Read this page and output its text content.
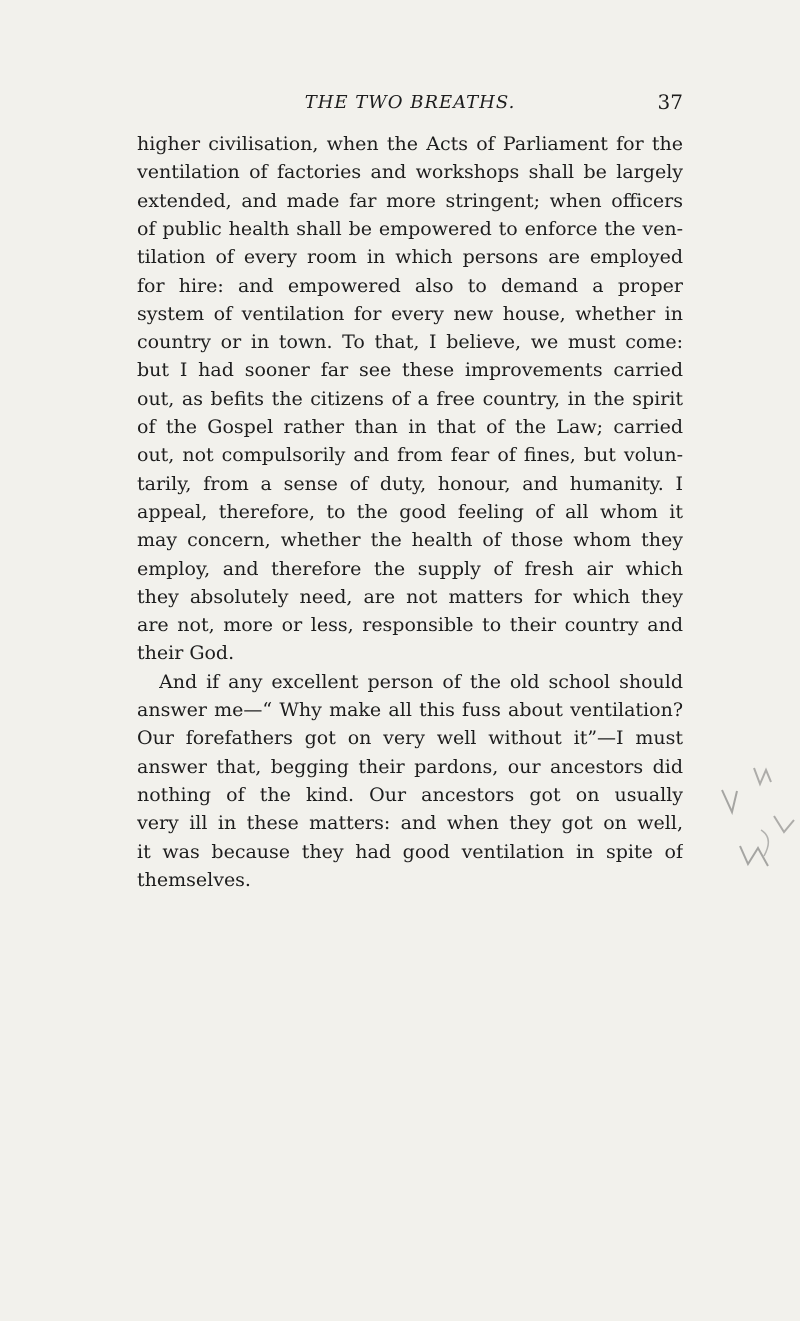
THE TWO BREATHS.	37
higher civilisation, when the Acts of Parliament for the
ventilation of factories and workshops shall be largely
extended, and made far more stringent; when officers
of public health shall be empowered to enforce the ven-
tilation of every room in which persons are employed
for hire: and empowered also to demand a proper
system of ventilation for every new house, whether in
country or in town. To that, I believe, we must come:
but I had sooner far see these improvements carried
out, as befits the citizens of a free country, in the spirit
of the Gospel rather than in that of the Law; carried
out, not compulsorily and from fear of fines, but volun-
tarily, from a sense of duty, honour, and humanity. I
appeal, therefore, to the good feeling of all whom it
may concern, whether the health of those whom they
employ, and therefore the supply of fresh air which
they absolutely need, are not matters for which they
are not, more or less, responsible to their country and
their God.
And if any excellent person of the old school should
answer me—“ Why make all this fuss about ventilation?
Our forefathers got on very well without it”—I must
answer that, begging their pardons, our ancestors did
nothing of the kind. Our ancestors got on usually
very ill in these matters: and when they got on well,
it was because they had good ventilation in spite of
themselves.
